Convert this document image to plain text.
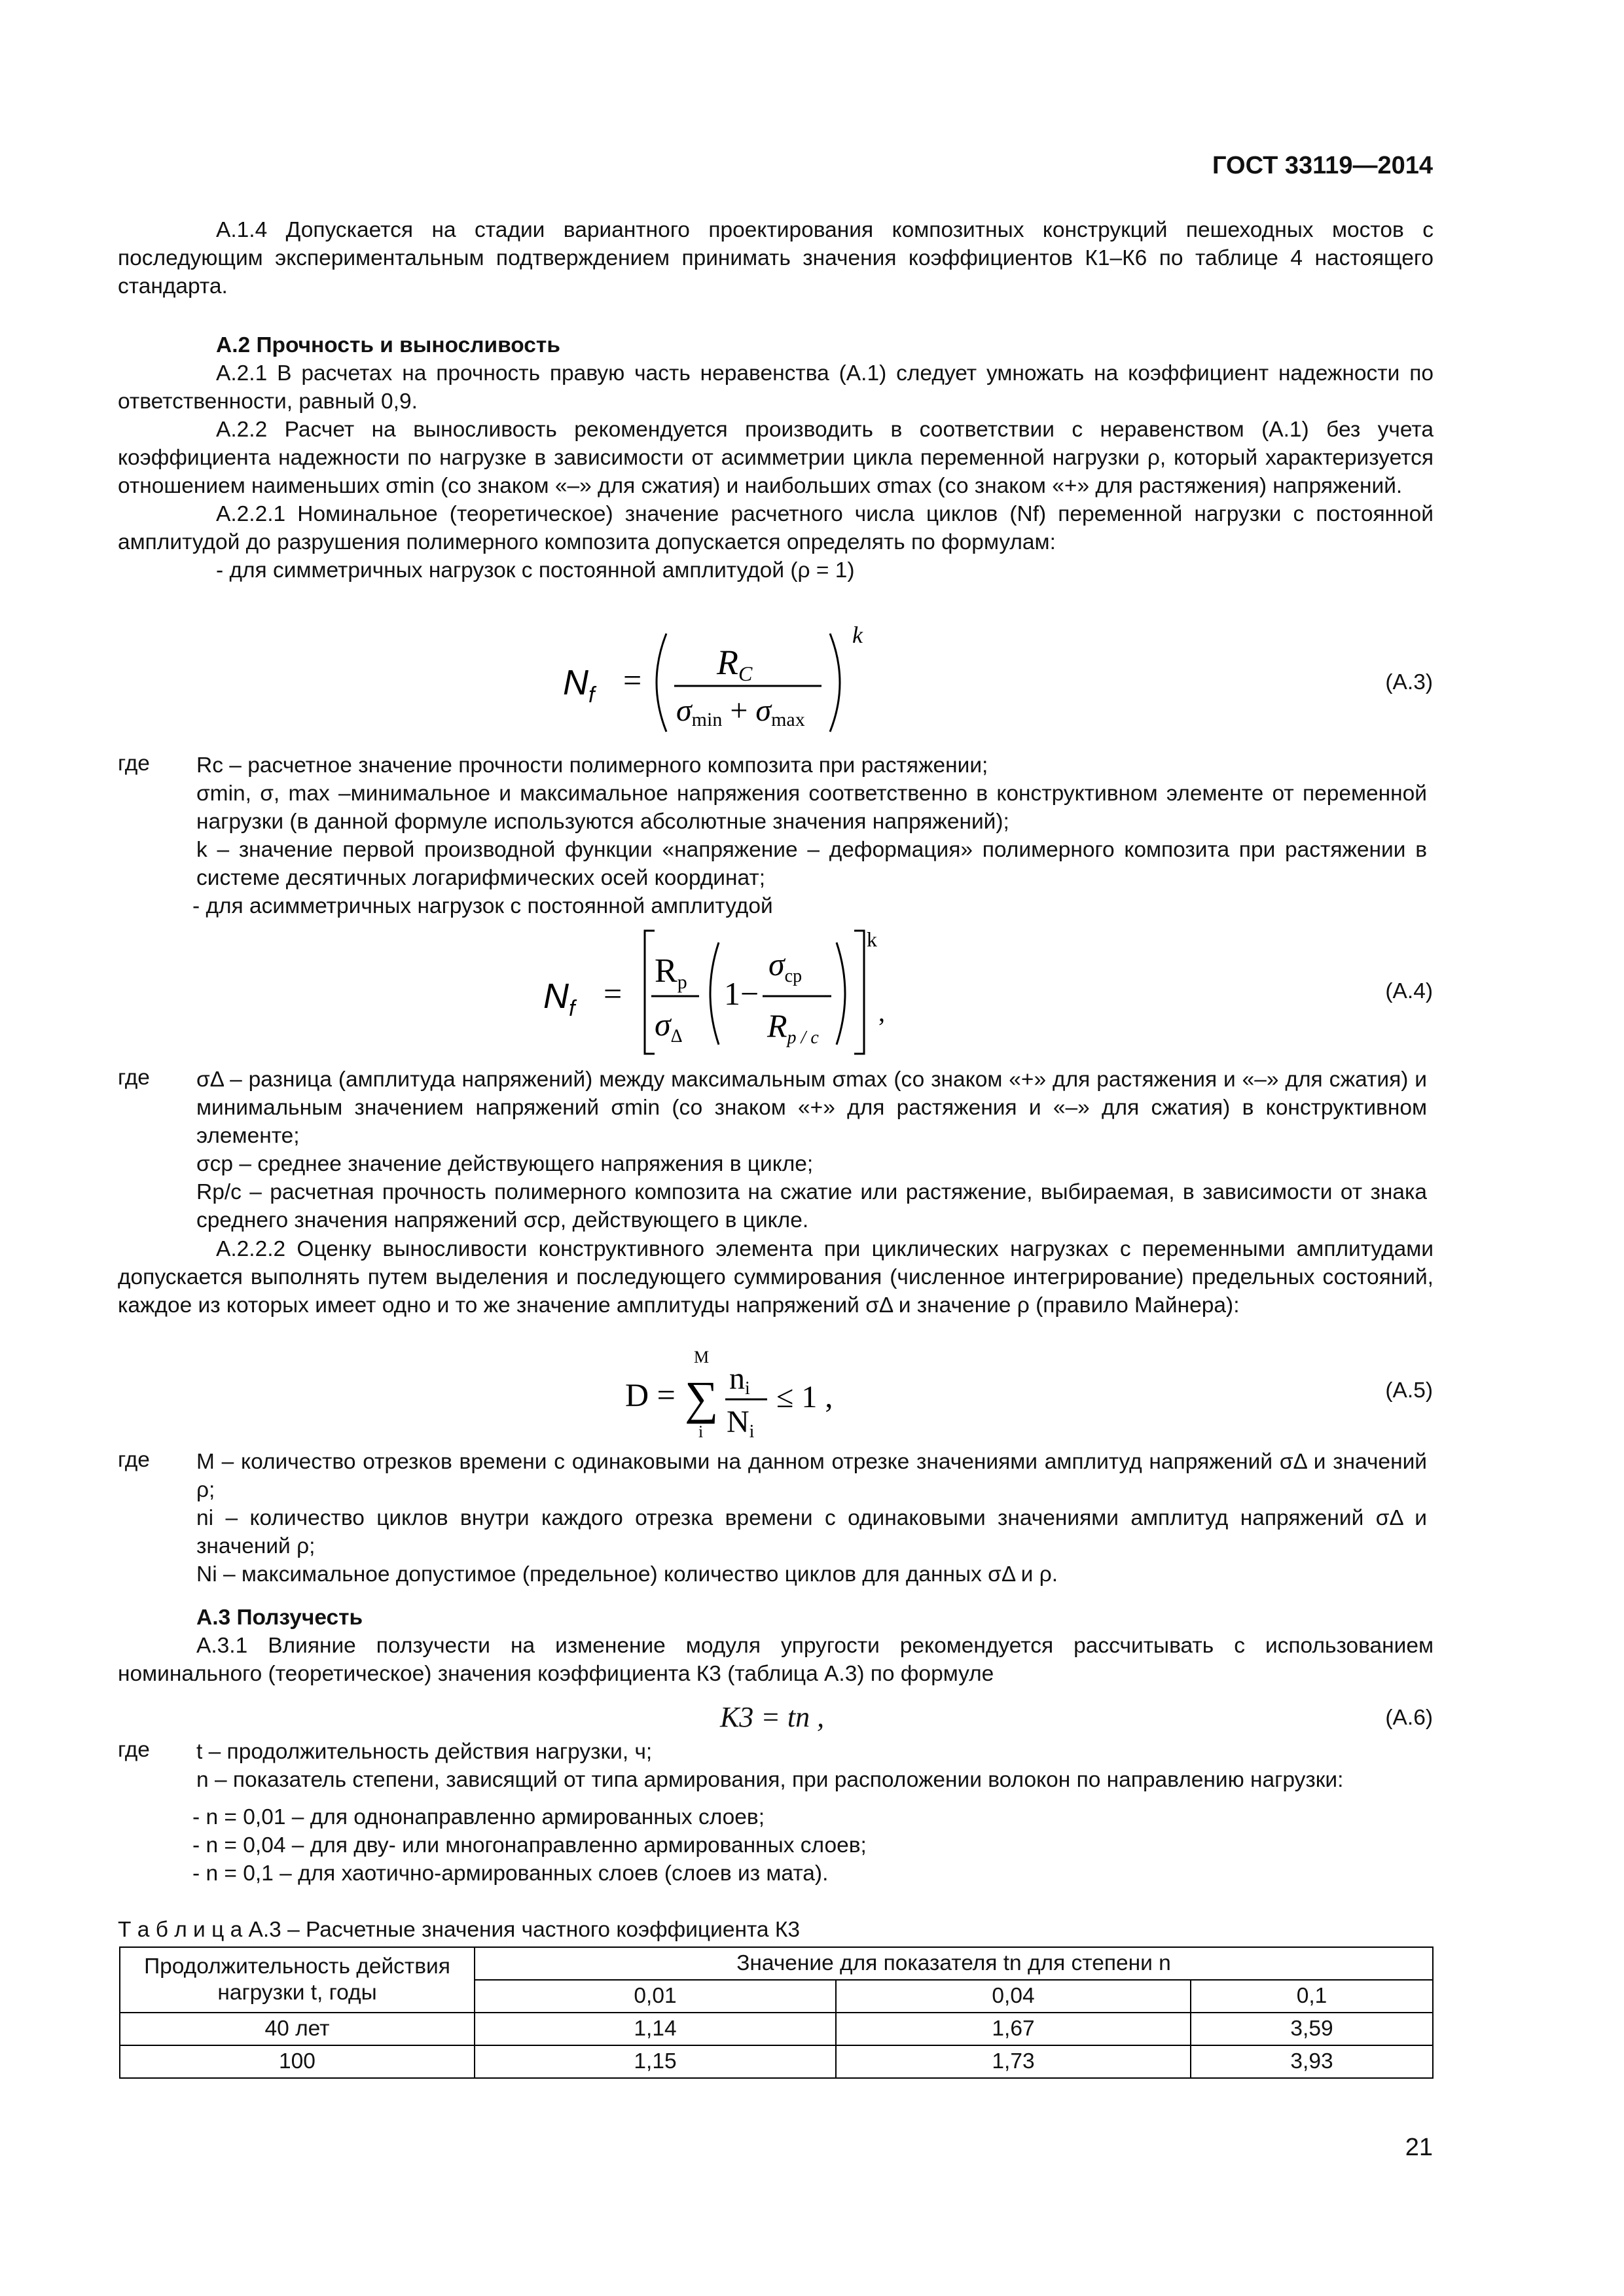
ГОСТ 33119—2014

А.1.4 Допускается на стадии вариантного проектирования композитных конструкций пешеходных мостов с последующим экспериментальным подтверждением принимать значения коэффициентов К1–К6 по таблице 4 настоящего стандарта.

А.2 Прочность и выносливость

А.2.1 В расчетах на прочность правую часть неравенства (А.1) следует умножать на коэффициент надежности по ответственности, равный 0,9.

А.2.2 Расчет на выносливость рекомендуется производить в соответствии с неравенством (А.1) без учета коэффициента надежности по нагрузке в зависимости от асимметрии цикла переменной нагрузки ρ, который характеризуется отношением наименьших σmin (со знаком «–» для сжатия) и наибольших σmax (со знаком «+» для растяжения) напряжений.

А.2.2.1 Номинальное (теоретическое) значение расчетного числа циклов (Nf) переменной нагрузки с постоянной амплитудой до разрушения полимерного композита допускается определять по формулам:

- для симметричных нагрузок с постоянной амплитудой (ρ = 1)

$N_f$ = RC
σmin + σmax
k
(А.3)
где Rс – расчетное значение прочности полимерного композита при растяжении;

σmin, σ, max –минимальное и максимальное напряжения соответственно в конструктивном элементе от переменной нагрузки (в данной формуле используются абсолютные значения напряжений);

k – значение первой производной функции «напряжение – деформация» полимерного композита при растяжении в системе десятичных логарифмических осей координат;

- для асимметричных нагрузок с постоянной амплитудой

$N_f$ =
Rp
$\sigma_\Delta$
1−
$\sigma_{ср}$
$R_{p / c}$
k
,
(А.4)
где σΔ – разница (амплитуда напряжений) между максимальным σmax (со знаком «+» для растяжения и «–» для сжатия) и минимальным значением напряжений σmin (со знаком «+» для растяжения и «–» для сжатия) в конструктивном элементе;

σср – среднее значение действующего напряжения в цикле;

Rр/с – расчетная прочность полимерного композита на сжатие или растяжение, выбираемая, в зависимости от знака среднего значения напряжений σср, действующего в цикле.

А.2.2.2 Оценку выносливости конструктивного элемента при циклических нагрузках с переменными амплитудами допускается выполнять путем выделения и последующего суммирования (численное интегрирование) предельных состояний, каждое из которых имеет одно и то же значение амплитуды напряжений σΔ и значение ρ (правило Майнера):

D =
M
∑
i
ni
Ni
≤ 1 ,	(А.5)
где M – количество отрезков времени с одинаковыми на данном отрезке значениями амплитуд напряжений σΔ и значений ρ;

ni – количество циклов внутри каждого отрезка времени с одинаковыми значениями амплитуд напряжений σΔ и значений ρ;

Ni – максимальное допустимое (предельное) количество циклов для данных σΔ и ρ.

А.3 Ползучесть

А.3.1 Влияние ползучести на изменение модуля упругости рекомендуется рассчитывать с использованием номинального (теоретическое) значения коэффициента К3 (таблица А.3) по формуле

К3 = tn ,	(А.6)
где t – продолжительность действия нагрузки, ч;

n – показатель степени, зависящий от типа армирования, при расположении волокон по направлению нагрузки:

- n = 0,01 – для однонаправленно армированных слоев;

- n = 0,04 – для дву- или многонаправленно армированных слоев;

- n = 0,1 – для хаотично-армированных слоев (слоев из мата).

Т а б л и ц а А.3 – Расчетные значения частного коэффициента К3
Продолжительность действия нагрузки t, годы	Значение для показателя tn для степени n		
	0,01	0,04	0,1
40 лет	1,14	1,67	3,59
100	1,15	1,73	3,93
21
